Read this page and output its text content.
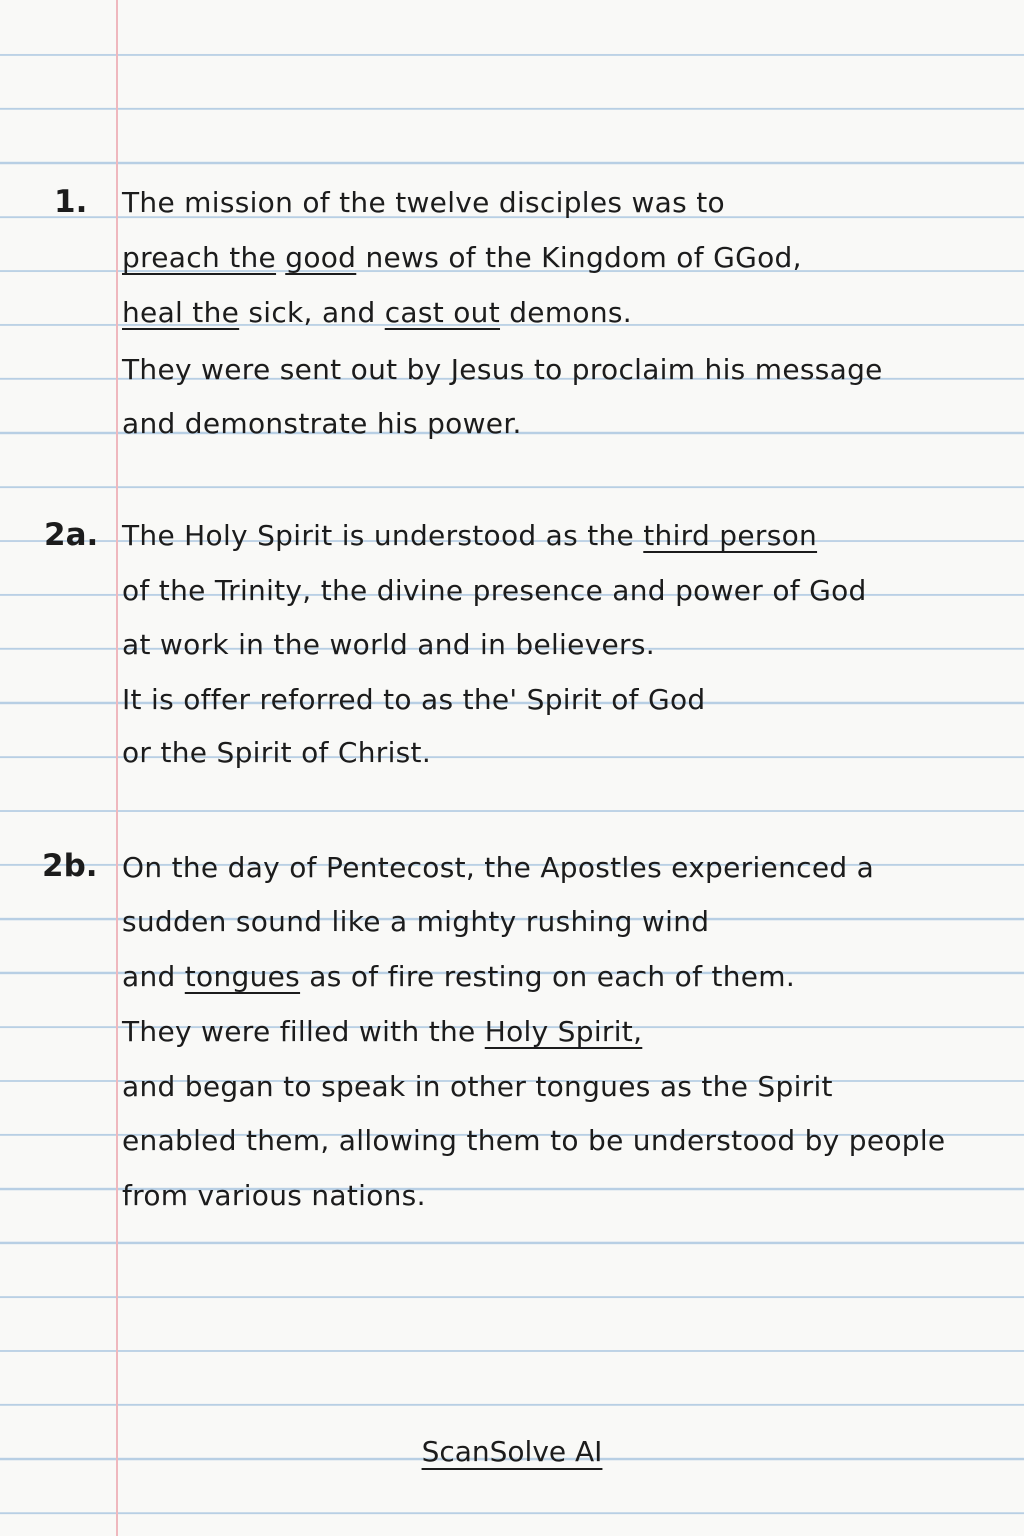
1. The mission of the twelve disciples was to
preach the good news of the Kingdom of GGod,
heal the sick, and cast out demons.
They were sent out by Jesus to proclaim his message
and demonstrate his power.
2a. The Holy Spirit is understood as the third person
of the Trinity, the divine presence and power of God
at work in the world and in believers.
It is offer reforred to as the' Spirit of God
or the Spirit of Christ.
2b. On the day of Pentecost, the Apostles experienced a
sudden sound like a mighty rushing wind
and tongues as of fire resting on each of them.
They were filled with the Holy Spirit,
and began to speak in other tongues as the Spirit
enabled them, allowing them to be understood by people
from various nations.
ScanSolve AI
